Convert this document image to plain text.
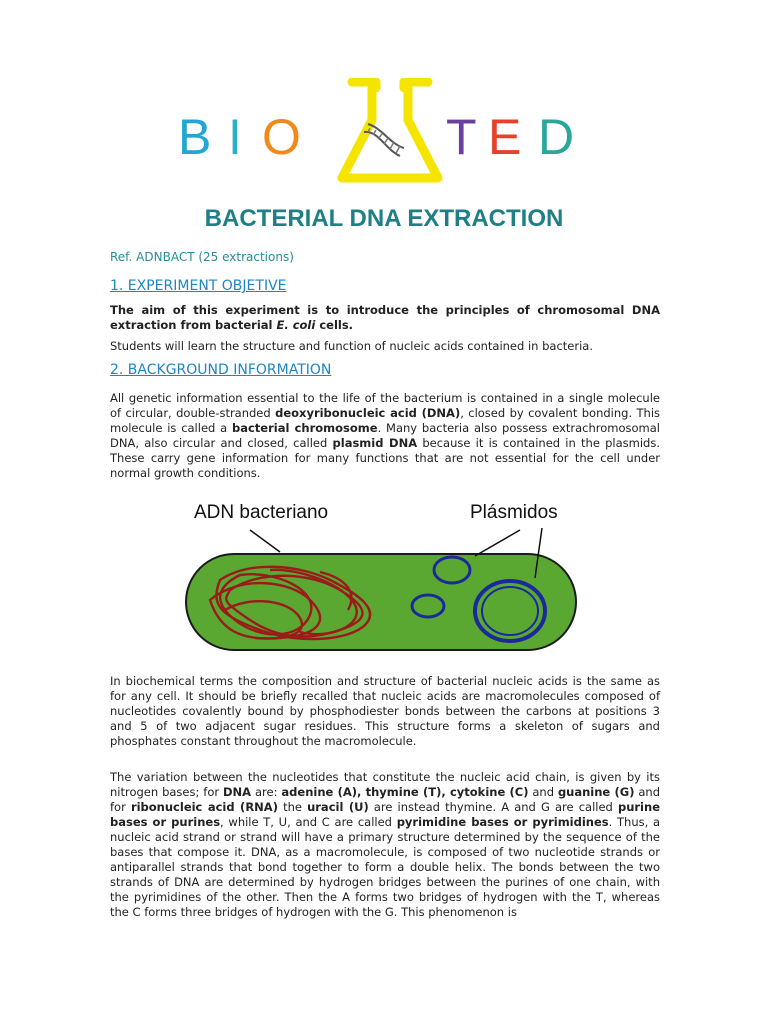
B I O	T E D
BACTERIAL DNA EXTRACTION
Ref. ADNBACT (25 extractions)
1. EXPERIMENT OBJETIVE
The aim of this experiment is to introduce the principles of chromosomal DNA extraction from bacterial E. coli cells.
Students will learn the structure and function of nucleic acids contained in bacteria.
2. BACKGROUND INFORMATION
All genetic information essential to the life of the bacterium is contained in a single molecule of circular, double-stranded deoxyribonucleic acid (DNA), closed by covalent bonding. This molecule is called a bacterial chromosome. Many bacteria also possess extrachromosomal DNA, also circular and closed, called plasmid DNA because it is contained in the plasmids. These carry gene information for many functions that are not essential for the cell under normal growth conditions.
ADN bacteriano	Plásmidos
In biochemical terms the composition and structure of bacterial nucleic acids is the same as for any cell. It should be briefly recalled that nucleic acids are macromolecules composed of nucleotides covalently bound by phosphodiester bonds between the carbons at positions 3 and 5 of two adjacent sugar residues. This structure forms a skeleton of sugars and phosphates constant throughout the macromolecule.
The variation between the nucleotides that constitute the nucleic acid chain, is given by its nitrogen bases; for DNA are: adenine (A), thymine (T), cytokine (C) and guanine (G) and for ribonucleic acid (RNA) the uracil (U) are instead thymine. A and G are called purine bases or purines, while T, U, and C are called pyrimidine bases or pyrimidines. Thus, a nucleic acid strand or strand will have a primary structure determined by the sequence of the bases that compose it. DNA, as a macromolecule, is composed of two nucleotide strands or antiparallel strands that bond together to form a double helix. The bonds between the two strands of DNA are determined by hydrogen bridges between the purines of one chain, with the pyrimidines of the other. Then the A forms two bridges of hydrogen with the T, whereas the C forms three bridges of hydrogen with the G. This phenomenon is
